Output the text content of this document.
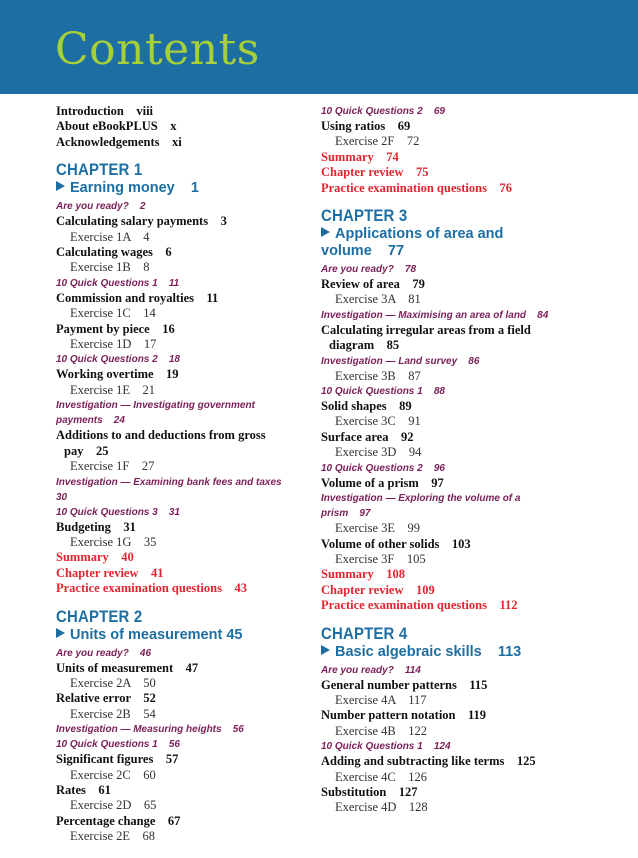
Contents
Introduction    viii
About eBookPLUS    x
Acknowledgements    xi
CHAPTER 1
Earning money    1
Are you ready?    2
Calculating salary payments    3
Exercise 1A    4
Calculating wages    6
Exercise 1B    8
10 Quick Questions 1    11
Commission and royalties    11
Exercise 1C    14
Payment by piece    16
Exercise 1D    17
10 Quick Questions 2    18
Working overtime    19
Exercise 1E    21
Investigation — Investigating government payments    24
Additions to and deductions from gross pay    25
Exercise 1F    27
Investigation — Examining bank fees and taxes    30
10 Quick Questions 3    31
Budgeting    31
Exercise 1G    35
Summary    40
Chapter review    41
Practice examination questions    43
CHAPTER 2
Units of measurement 45
Are you ready?    46
Units of measurement    47
Exercise 2A    50
Relative error    52
Exercise 2B    54
Investigation — Measuring heights    56
10 Quick Questions 1    56
Significant figures    57
Exercise 2C    60
Rates    61
Exercise 2D    65
Percentage change    67
Exercise 2E    68
10 Quick Questions 2    69
Using ratios    69
Exercise 2F    72
Summary    74
Chapter review    75
Practice examination questions    76
CHAPTER 3
Applications of area and volume    77
Are you ready?    78
Review of area    79
Exercise 3A    81
Investigation — Maximising an area of land    84
Calculating irregular areas from a field diagram    85
Investigation — Land survey    86
Exercise 3B    87
10 Quick Questions 1    88
Solid shapes    89
Exercise 3C    91
Surface area    92
Exercise 3D    94
10 Quick Questions 2    96
Volume of a prism    97
Investigation — Exploring the volume of a prism    97
Exercise 3E    99
Volume of other solids    103
Exercise 3F    105
Summary    108
Chapter review    109
Practice examination questions    112
CHAPTER 4
Basic algebraic skills    113
Are you ready?    114
General number patterns    115
Exercise 4A    117
Number pattern notation    119
Exercise 4B    122
10 Quick Questions 1    124
Adding and subtracting like terms    125
Exercise 4C    126
Substitution    127
Exercise 4D    128
